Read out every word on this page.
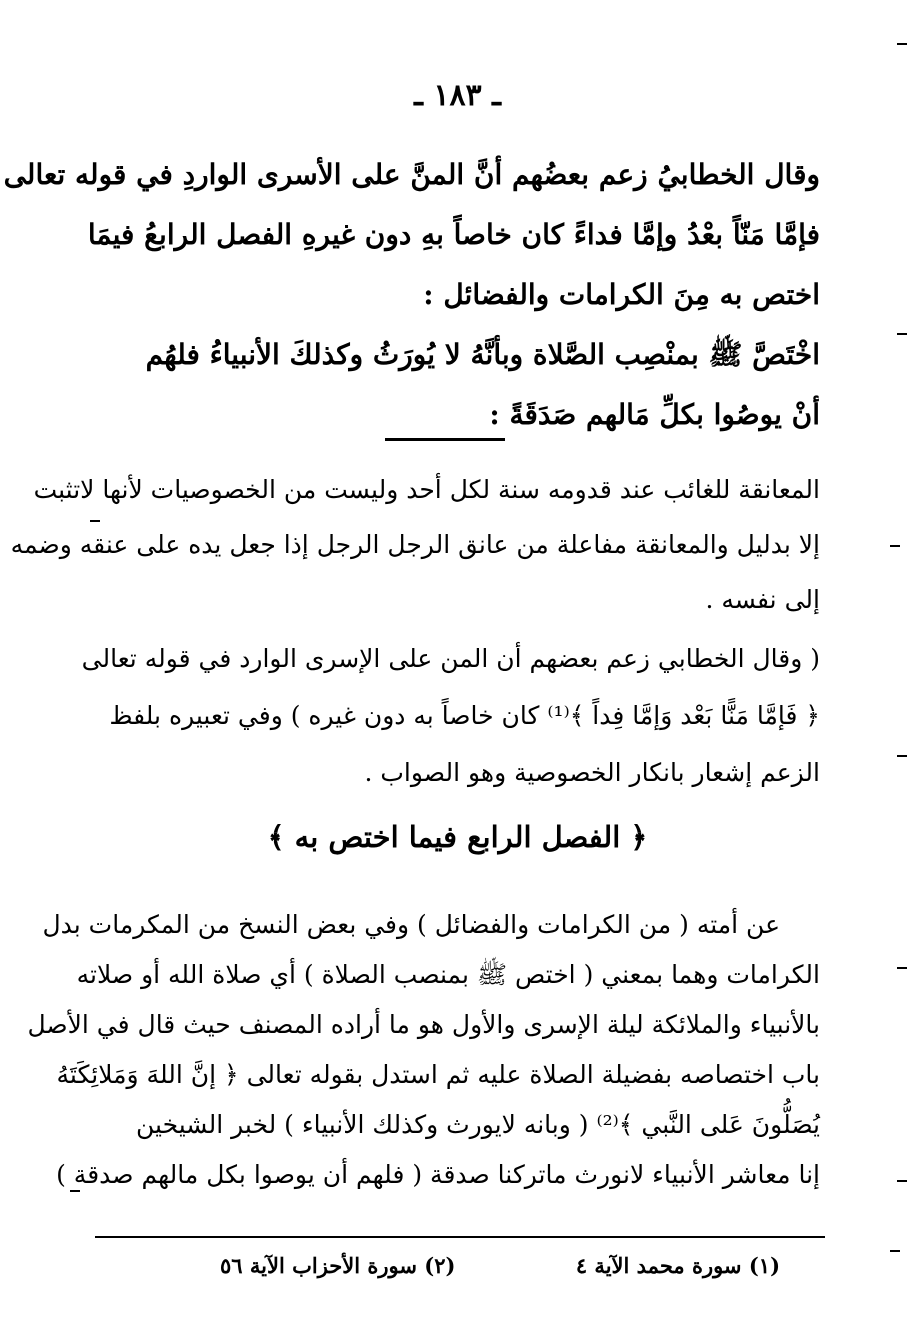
ـ ١٨٣ ـ
وقال الخطابيُ زعم بعضُهم أنَّ المنَّ على الأسرى الواردِ في قوله تعالى
فإمَّا مَنّاً بعْدُ وإمَّا فداءً كان خاصاً بهِ دون غيرهِ الفصل الرابعُ فيمَا
اختص به مِنَ الكرامات والفضائل :
اخْتَصَّ ﷺ بمنْصِب الصَّلاة وبأنَّهُ لا يُورَثُ وكذلكَ الأنبياءُ فلهُم
أنْ يوصُوا بكلِّ مَالهم صَدَقَةً :
المعانقة للغائب عند قدومه سنة لكل أحد وليست من الخصوصيات لأنها لاتثبت
إلا بدليل والمعانقة مفاعلة من عانق الرجل الرجل إذا جعل يده على عنقه وضمه
إلى نفسه .
( وقال الخطابي زعم بعضهم أن المن على الإسرى الوارد في قوله تعالى
﴿ فَإمَّا مَنًّا بَعْد وَإمَّا فِداً ﴾⁽¹⁾ كان خاصاً به دون غيره ) وفي تعبيره بلفظ
الزعم إشعار بانكار الخصوصية وهو الصواب .
﴿ الفصل الرابع فيما اختص به ﴾
عن أمته ( من الكرامات والفضائل ) وفي بعض النسخ من المكرمات بدل
الكرامات وهما بمعني ( اختص ﷺ بمنصب الصلاة ) أي صلاة الله أو صلاته
بالأنبياء والملائكة ليلة الإسرى والأول هو ما أراده المصنف حيث قال في الأصل
باب اختصاصه بفضيلة الصلاة عليه ثم استدل بقوله تعالى ﴿ إنَّ اللهَ وَمَلائِكَتَهُ
يُصَلُّونَ عَلى النَّبي ﴾⁽²⁾ ( وبانه لايورث وكذلك الأنبياء ) لخبر الشيخين
إنا معاشر الأنبياء لانورث ماتركنا صدقة ( فلهم أن يوصوا بكل مالهم صدقة )
(١) سورة محمد الآية ٤
(٢) سورة الأحزاب الآية ٥٦
